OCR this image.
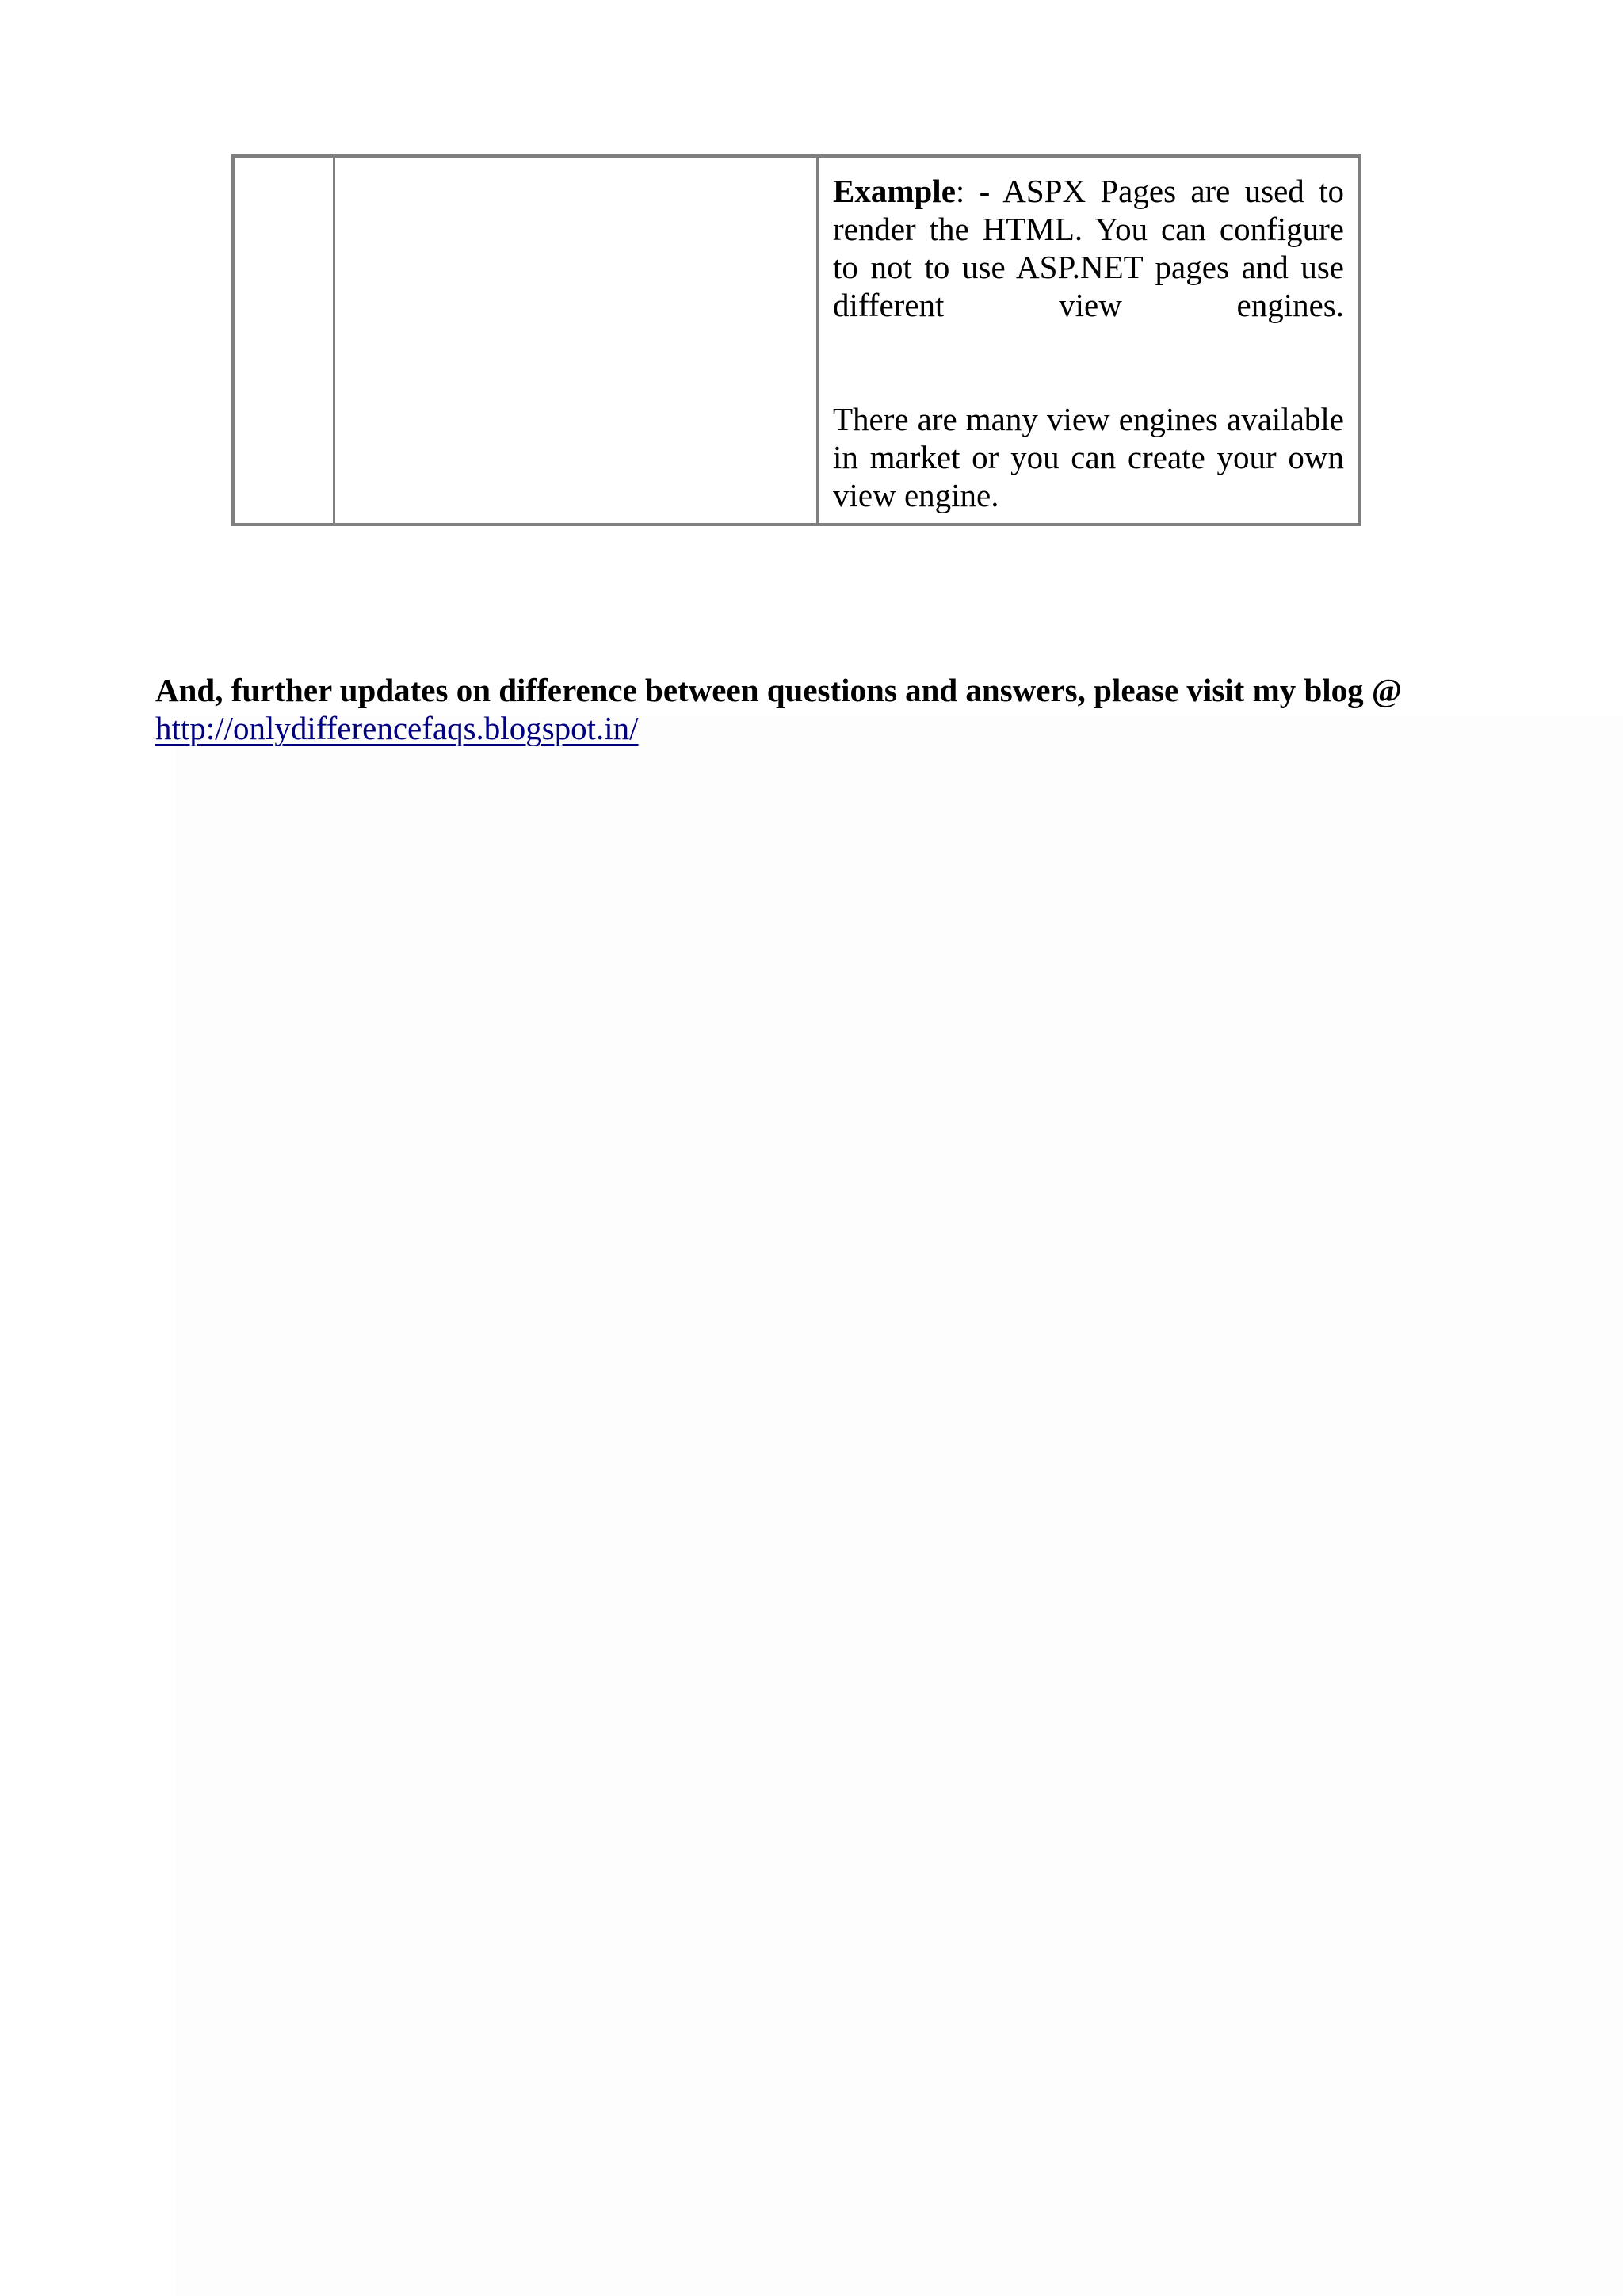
Example: - ASPX Pages are used to render the HTML. You can configure to not to use ASP.NET pages and use different view engines.

There are many view engines available in market or you can create your own view engine.

And, further updates on difference between questions and answers, please visit my blog @

http://onlydifferencefaqs.blogspot.in/
